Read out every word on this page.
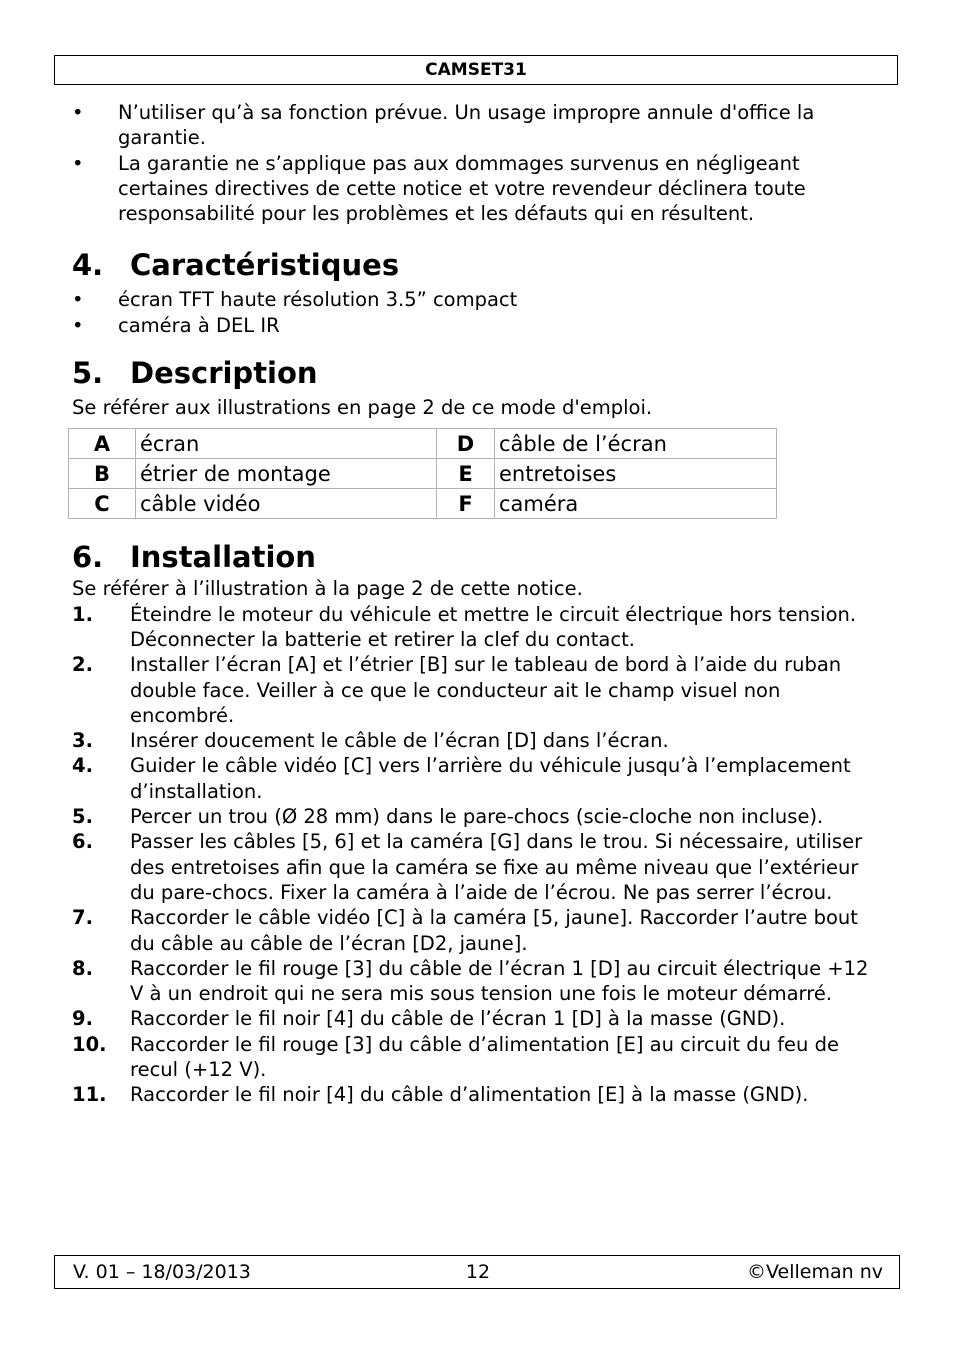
CAMSET31
•	N’utiliser qu’à sa fonction prévue. Un usage impropre annule d'office la garantie.
•	La garantie ne s’applique pas aux dommages survenus en négligeant certaines directives de cette notice et votre revendeur déclinera toute responsabilité pour les problèmes et les défauts qui en résultent.
4. Caractéristiques
•	écran TFT haute résolution 3.5” compact
•	caméra à DEL IR
5. Description

Se référer aux illustrations en page 2 de ce mode d'emploi.

A	écran	D	câble de l’écran
B	étrier de montage	E	entretoises
C	câble vidéo	F	caméra
6. Installation

Se référer à l’illustration à la page 2 de cette notice.

1. Éteindre le moteur du véhicule et mettre le circuit électrique hors tension. Déconnecter la batterie et retirer la clef du contact.
2. Installer l’écran [A] et l’étrier [B] sur le tableau de bord à l’aide du ruban double face. Veiller à ce que le conducteur ait le champ visuel non encombré.
3. Insérer doucement le câble de l’écran [D] dans l’écran.
4. Guider le câble vidéo [C] vers l’arrière du véhicule jusqu’à l’emplacement d’installation.
5. Percer un trou (Ø 28 mm) dans le pare-chocs (scie-cloche non incluse).
6. Passer les câbles [5, 6] et la caméra [G] dans le trou. Si nécessaire, utiliser des entretoises afin que la caméra se fixe au même niveau que l’extérieur du pare-chocs. Fixer la caméra à l’aide de l’écrou. Ne pas serrer l’écrou.
7. Raccorder le câble vidéo [C] à la caméra [5, jaune]. Raccorder l’autre bout du câble au câble de l’écran [D2, jaune].
8. Raccorder le fil rouge [3] du câble de l’écran 1 [D] au circuit électrique +12 V à un endroit qui ne sera mis sous tension une fois le moteur démarré.
9. Raccorder le fil noir [4] du câble de l’écran 1 [D] à la masse (GND).
10. Raccorder le fil rouge [3] du câble d’alimentation [E] au circuit du feu de recul (+12 V).
11. Raccorder le fil noir [4] du câble d’alimentation [E] à la masse (GND).
V. 01 – 18/03/2013	12	©Velleman nv
